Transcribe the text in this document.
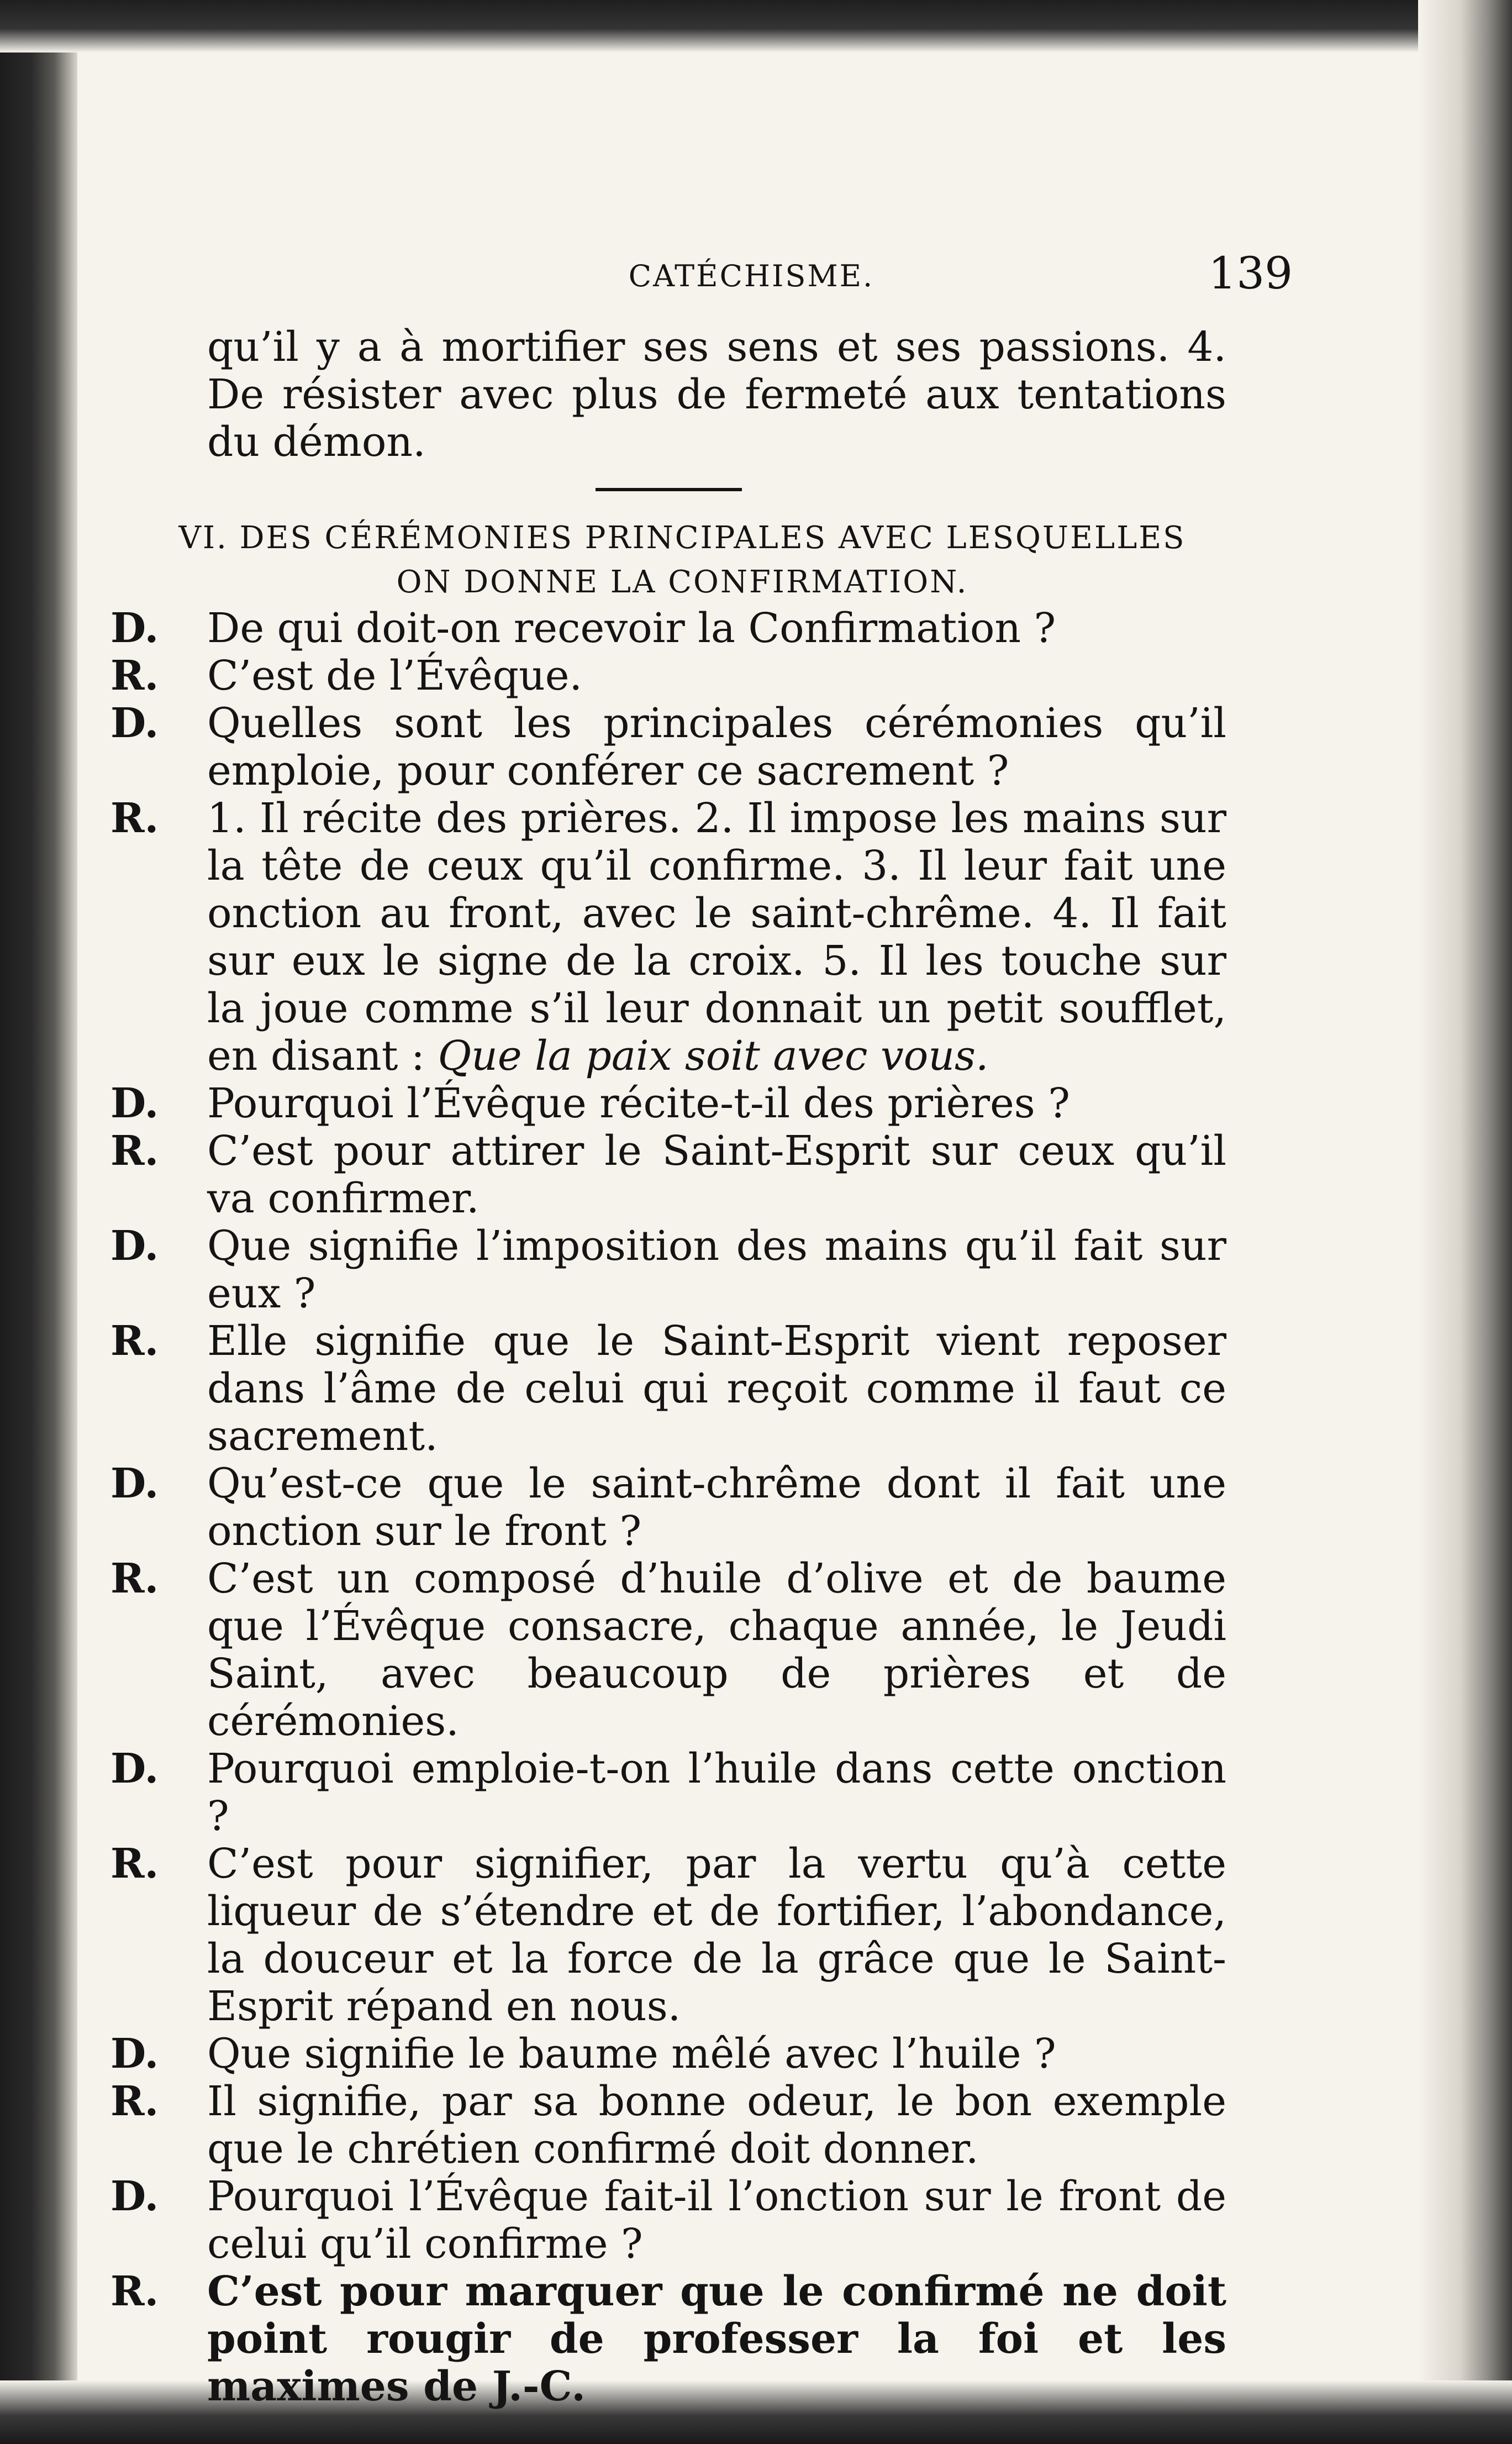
CATÉCHISME.	139

qu’il y a à mortifier ses sens et ses passions. 4. De résister avec plus de fermeté aux tentations du démon.

VI. DES CÉRÉMONIES PRINCIPALES AVEC LESQUELLES

ON DONNE LA CONFIRMATION.

D. De qui doit-on recevoir la Confirmation ?
R. C’est de l’Évêque.
D. Quelles sont les principales cérémonies qu’il emploie, pour conférer ce sacrement ?
R. 1. Il récite des prières. 2. Il impose les mains sur la tête de ceux qu’il confirme. 3. Il leur fait une onction au front, avec le saint-chrême. 4. Il fait sur eux le signe de la croix. 5. Il les touche sur la joue comme s’il leur donnait un petit soufflet, en disant : Que la paix soit avec vous.
D. Pourquoi l’Évêque récite-t-il des prières ?
R. C’est pour attirer le Saint-Esprit sur ceux qu’il va confirmer.
D. Que signifie l’imposition des mains qu’il fait sur eux ?
R. Elle signifie que le Saint-Esprit vient reposer dans l’âme de celui qui reçoit comme il faut ce sacrement.
D. Qu’est-ce que le saint-chrême dont il fait une onction sur le front ?
R. C’est un composé d’huile d’olive et de baume que l’Évêque consacre, chaque année, le Jeudi Saint, avec beaucoup de prières et de cérémonies.
D. Pourquoi emploie-t-on l’huile dans cette onction ?
R. C’est pour signifier, par la vertu qu’à cette liqueur de s’étendre et de fortifier, l’abondance, la douceur et la force de la grâce que le Saint-Esprit répand en nous.
D. Que signifie le baume mêlé avec l’huile ?
R. Il signifie, par sa bonne odeur, le bon exemple que le chrétien confirmé doit donner.
D. Pourquoi l’Évêque fait-il l’onction sur le front de celui qu’il confirme ?
R. C’est pour marquer que le confirmé ne doit point rougir de professer la foi et les maximes de J.-C.
